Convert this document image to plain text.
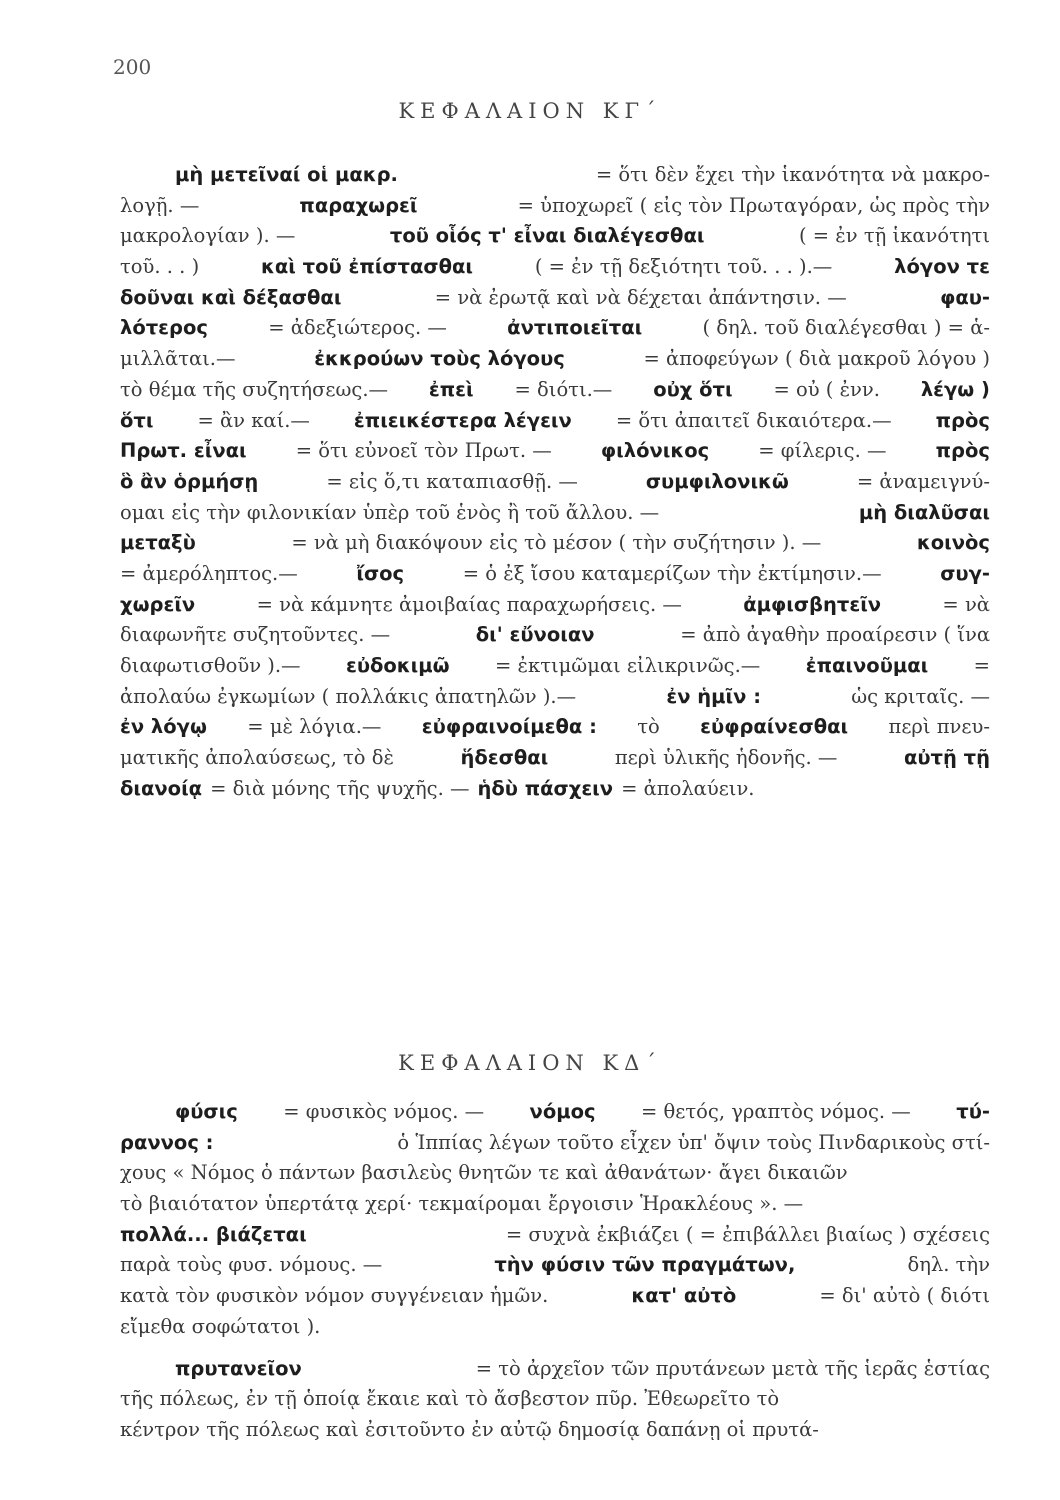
200
ΚΕΦΑΛΑΙΟΝ ΚΓ΄
μὴ μετεῖναί οἱ μακρ.	= ὅτι δὲν ἔχει τὴν ἱκανότητα νὰ μακρο-
λογῇ. —	παραχωρεῖ	= ὑποχωρεῖ ( εἰς τὸν Πρωταγόραν, ὡς πρὸς τὴν
μακρολογίαν ). —	τοῦ οἷός τ' εἶναι διαλέγεσθαι	( = ἐν τῇ ἱκανότητι
τοῦ. . . )	καὶ τοῦ ἐπίστασθαι	( = ἐν τῇ δεξιότητι τοῦ. . . ).—	λόγον τε
δοῦναι καὶ δέξασθαι	= νὰ ἐρωτᾷ καὶ νὰ δέχεται ἀπάντησιν. —	φαυ-
λότερος	= ἀδεξιώτερος. —	ἀντιποιεῖται	( δηλ. τοῦ διαλέγεσθαι ) = ἁ-
μιλλᾶται.—	ἐκκρούων τοὺς λόγους	= ἀποφεύγων ( διὰ μακροῦ λόγου )
τὸ θέμα τῆς συζητήσεως.— ἐπεὶ = διότι.— οὐχ ὅτι = οὐ ( ἐνν. λέγω )
ὅτι = ἂν καί.— ἐπιεικέστερα λέγειν = ὅτι ἀπαιτεῖ δικαιότερα.— πρὸς
Πρωτ. εἶναι	= ὅτι εὐνοεῖ τὸν Πρωτ. —	φιλόνικος	= φίλερις. —	πρὸς
ὃ ἂν ὁρμήσῃ	= εἰς ὅ,τι καταπιασθῇ. —	συμφιλονικῶ	= ἀναμειγνύ-
ομαι εἰς τὴν φιλονικίαν ὑπὲρ τοῦ ἑνὸς ἢ τοῦ ἄλλου. —	μὴ διαλῦσαι
μεταξὺ	= νὰ μὴ διακόψουν εἰς τὸ μέσον ( τὴν συζήτησιν ). —	κοινὸς
= ἀμερόληπτος.—	ἴσος	= ὁ ἐξ ἴσου καταμερίζων τὴν ἐκτίμησιν.—	συγ-
χωρεῖν	= νὰ κάμνητε ἀμοιβαίας παραχωρήσεις. —	ἀμφισβητεῖν	= νὰ
διαφωνῆτε συζητοῦντες. —	δι' εὔνοιαν	= ἀπὸ ἀγαθὴν προαίρεσιν ( ἵνα
διαφωτισθοῦν ).— εὐδοκιμῶ = ἐκτιμῶμαι εἰλικρινῶς.— ἐπαινοῦμαι =
ἀπολαύω ἐγκωμίων ( πολλάκις ἀπατηλῶν ).—	ἐν ἡμῖν :	ὡς κριταῖς. —
ἐν λόγῳ = μὲ λόγια.— εὐφραινοίμεθα : τὸ εὐφραίνεσθαι περὶ πνευ-
ματικῆς ἀπολαύσεως, τὸ δὲ	ἥδεσθαι	περὶ ὑλικῆς ἡδονῆς. —	αὐτῇ τῇ
διανοίᾳ = διὰ μόνης τῆς ψυχῆς. — ἡδὺ πάσχειν = ἀπολαύειν.
ΚΕΦΑΛΑΙΟΝ ΚΔ΄
φύσις = φυσικὸς νόμος. — νόμος = θετός, γραπτὸς νόμος. — τύ-
ραννος :	ὁ Ἱππίας λέγων τοῦτο εἶχεν ὑπ' ὄψιν τοὺς Πινδαρικοὺς στί-
χους « Νόμος ὁ πάντων βασιλεὺς θνητῶν τε καὶ ἀθανάτων· ἄγει δικαιῶν
τὸ βιαιότατον ὑπερτάτᾳ χερί· τεκμαίρομαι ἔργοισιν Ἡρακλέους ». —
πολλά... βιάζεται	= συχνὰ ἐκβιάζει ( = ἐπιβάλλει βιαίως ) σχέσεις
παρὰ τοὺς φυσ. νόμους. —	τὴν φύσιν τῶν πραγμάτων,	δηλ. τὴν
κατὰ τὸν φυσικὸν νόμον συγγένειαν ἡμῶν.	κατ' αὐτὸ	= δι' αὐτὸ ( διότι
εἴμεθα σοφώτατοι ).
πρυτανεῖον	= τὸ ἀρχεῖον τῶν πρυτάνεων μετὰ τῆς ἱερᾶς ἑστίας
τῆς πόλεως, ἐν τῇ ὁποίᾳ ἔκαιε καὶ τὸ ἄσβεστον πῦρ. Ἐθεωρεῖτο τὸ
κέντρον τῆς πόλεως καὶ ἐσιτοῦντο ἐν αὐτῷ δημοσίᾳ δαπάνῃ οἱ πρυτά-
